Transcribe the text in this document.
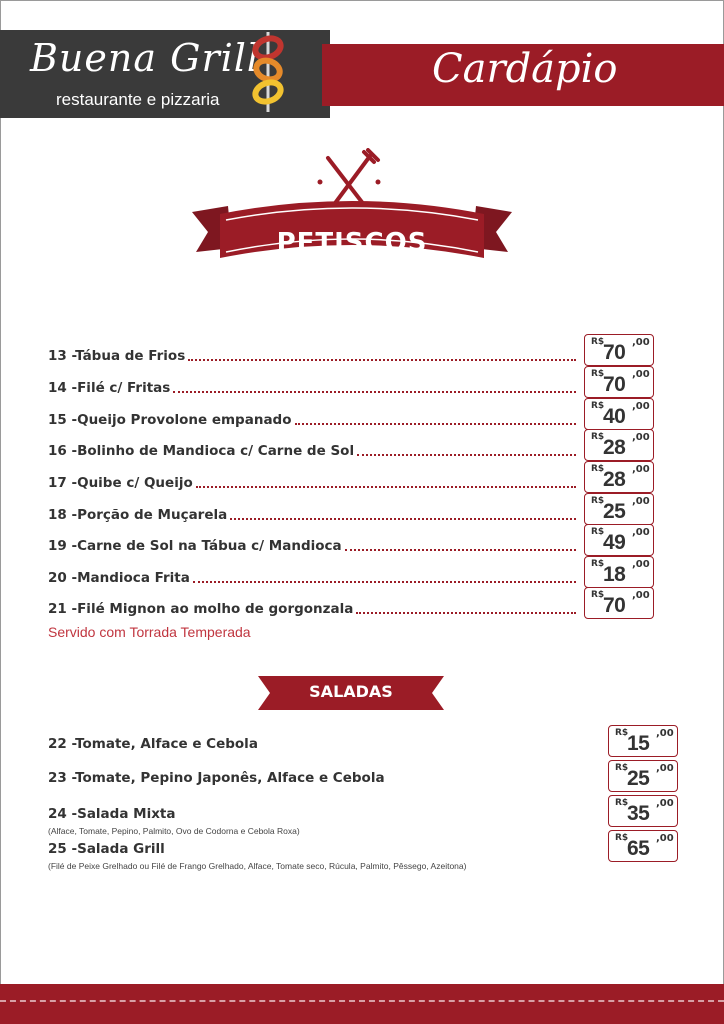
Buena Grill
restaurante e pizzaria
Cardápio
PETISCOS
13 -Tábua de Frios
R$
70 ,00
14 -Filé c/ Fritas
R$
70 ,00
15 -Queijo Provolone empanado
R$
40 ,00
16 -Bolinho de Mandioca c/ Carne de Sol
R$
28 ,00
17 -Quibe c/ Queijo
R$
28 ,00
18 -Porção de Muçarela
R$
25 ,00
19 -Carne de Sol na Tábua c/ Mandioca
R$
49 ,00
20 -Mandioca Frita
R$
18 ,00
21 -Filé Mignon ao molho de gorgonzala
R$
70 ,00
Servido com Torrada Temperada
SALADAS
22 -Tomate, Alface e Cebola
R$
15 ,00
23 -Tomate, Pepino Japonês, Alface e Cebola
R$
25 ,00
24 -Salada Mixta
(Alface, Tomate, Pepino, Palmito, Ovo de Codorna e Cebola Roxa)
R$
35 ,00
25 -Salada Grill
(Filé de Peixe Grelhado ou Filé de Frango Grelhado, Alface, Tomate seco, Rúcula, Palmito, Pêssego, Azeitona)
R$
65 ,00
